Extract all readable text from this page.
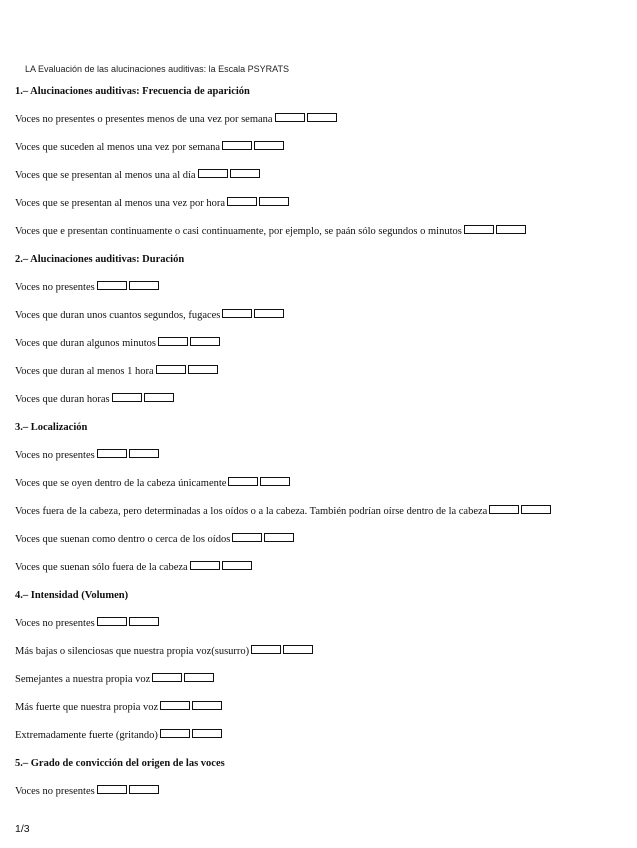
LA Evaluación de las alucinaciones auditivas: la Escala PSYRATS
1.– Alucinaciones auditivas: Frecuencia de aparición
Voces no presentes o presentes menos de una vez por semana
Voces que suceden al menos una vez por semana
Voces que se presentan al menos una al día
Voces que se presentan al menos una vez por hora
Voces que e presentan continuamente o casi continuamente, por ejemplo, se paán sólo segundos o minutos
2.– Alucinaciones auditivas: Duración
Voces no presentes
Voces que duran unos cuantos segundos, fugaces
Voces que duran algunos minutos
Voces que duran al menos 1 hora
Voces que duran horas
3.– Localización
Voces no presentes
Voces que se oyen dentro de la cabeza únicamente
Voces fuera de la cabeza, pero determinadas a los oídos o a la cabeza. También podrían oírse dentro de la cabeza
Voces que suenan como dentro o cerca de los oídos
Voces que suenan sólo fuera de la cabeza
4.– Intensidad (Volumen)
Voces no presentes
Más bajas o silenciosas que nuestra propia voz(susurro)
Semejantes a nuestra propia voz
Más fuerte que nuestra propia voz
Extremadamente fuerte (gritando)
5.– Grado de convicción del origen de las voces
Voces no presentes
1/3
